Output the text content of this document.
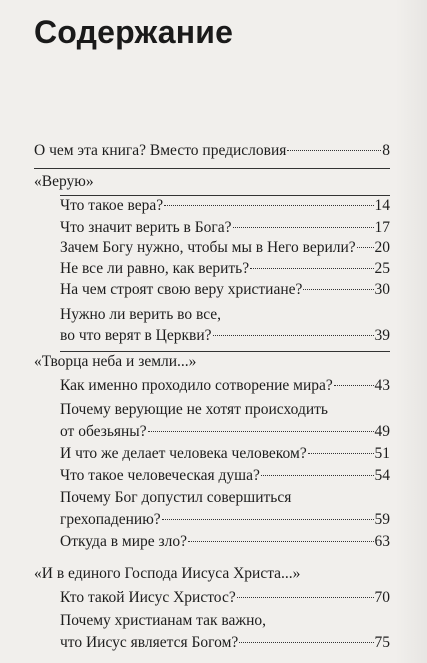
Содержание
О чем эта книга? Вместо предисловия	8
«Верую»
Что такое вера?	14
Что значит верить в Бога?	17
Зачем Богу нужно, чтобы мы в Него верили? 20
Не все ли равно, как верить?	25
На чем строят свою веру христиане?	30
Нужно ли верить во все,
во что верят в Церкви?	39
«Творца неба и земли...»
Как именно проходило сотворение мира?	43
Почему верующие не хотят происходить
от обезьяны?	49
И что же делает человека человеком?	51
Что такое человеческая душа?	54
Почему Бог допустил совершиться
грехопадению?	59
Откуда в мире зло?	63
«И в единого Господа Иисуса Христа...»
Кто такой Иисус Христос?	70
Почему христианам так важно,
что Иисус является Богом?	75
